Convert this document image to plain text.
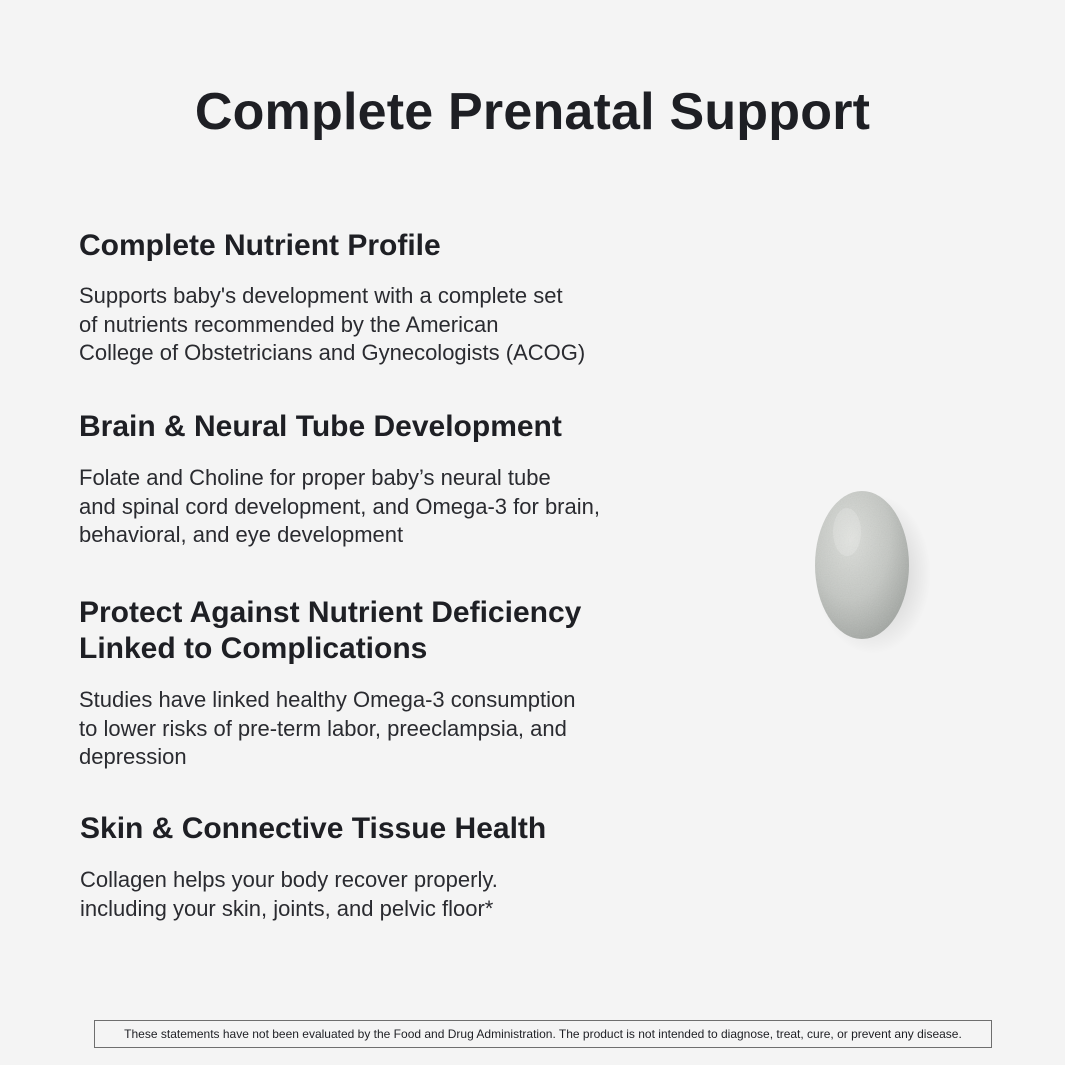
Complete Prenatal Support
Complete Nutrient Profile

Supports baby's development with a complete set
of nutrients recommended by the American
College of Obstetricians and Gynecologists (ACOG)

Brain & Neural Tube Development

Folate and Choline for proper baby’s neural tube
and spinal cord development, and Omega-3 for brain,
behavioral, and eye development

Protect Against Nutrient Deficiency
Linked to Complications

Studies have linked healthy Omega-3 consumption
to lower risks of pre-term labor, preeclampsia, and
depression

Skin & Connective Tissue Health

Collagen helps your body recover properly.
including your skin, joints, and pelvic floor*

These statements have not been evaluated by the Food and Drug Administration. The product is not intended to diagnose, treat, cure, or prevent any disease.
